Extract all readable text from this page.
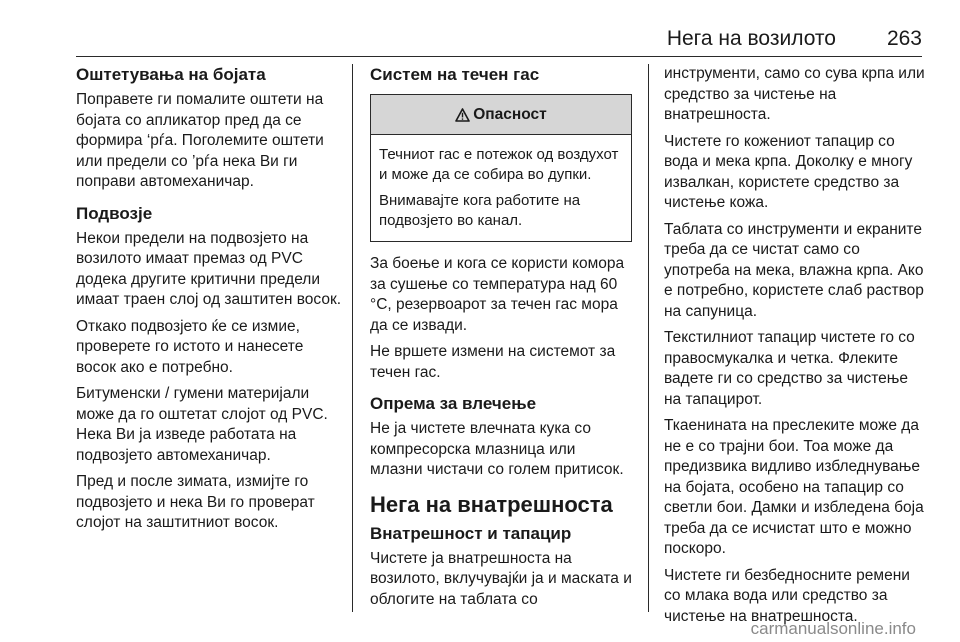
Нега на возилото 263
Оштетувања на бојата

Поправете ги помалите оштети на бојата со апликатор пред да се формира ‘рѓа. Поголемите оштети или предели со ’рѓа нека Ви ги поправи автомеханичар.

Подвозје

Некои предели на подвозјето на возилото имаат премаз од PVC додека другите критични предели имаат траен слој од заштитен восок.

Откако подвозјето ќе се измие, проверете го истото и нанесете восок ако е потребно.

Битуменски / гумени материјали може да го оштетат слојот од PVC. Нека Ви ја изведе работата на подвозјето автомеханичар.

Пред и после зимата, измијте го подвозјето и нека Ви го проверат слојот на заштитниот восок.

Систем на течен гас
Опасност

Течниот гас е потежок од воздухот и може да се собира во дупки.

Внимавајте кога работите на подвозјето во канал.

За боење и кога се користи комора за сушење со температура над 60 °C, резервоарот за течен гас мора да се извади.

Не вршете измени на системот за течен гас.

Опрема за влечење

Не ја чистете влечната кука со компресорска млазница или млазни чистачи со голем притисок.

Нега на внатрешноста
Внатрешност и тапацир

Чистете ја внатрешноста на возилото, вклучувајќи ја и маската и облогите на таблата со

инструменти, само со сува крпа или средство за чистење на внатрешноста.

Чистете го кожениот тапацир со вода и мека крпа. Доколку е многу извалкан, користете средство за чистење кожа.

Таблата со инструменти и екраните треба да се чистат само со употреба на мека, влажна крпа. Ако е потребно, користете слаб раствор на сапуница.

Текстилниот тапацир чистете го со правосмукалка и четка. Флеките вадете ги со средство за чистење на тапацирот.

Ткаенината на преслеките може да не е со трајни бои. Тоа може да предизвика видливо избледнување на бојата, особено на тапацир со светли бои. Дамки и избледена боја треба да се исчистат што е можно поскоро.

Чистете ги безбедносните ремени со млака вода или средство за чистење на внатрешноста.

carmanualsonline.info
